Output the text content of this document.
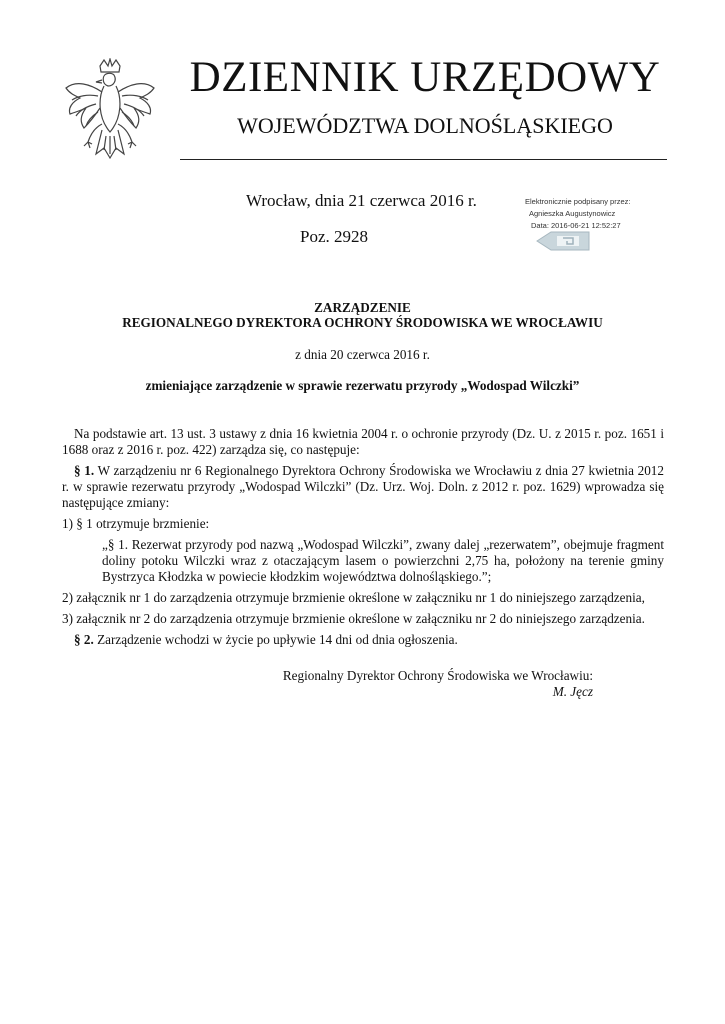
DZIENNIK URZĘDOWY
WOJEWÓDZTWA DOLNOŚLĄSKIEGO
Wrocław, dnia 21 czerwca 2016 r.
Poz. 2928
Elektronicznie podpisany przez:
Agnieszka Augustynowicz
Data: 2016-06-21 12:52:27
ZARZĄDZENIE
REGIONALNEGO DYREKTORA OCHRONY ŚRODOWISKA WE WROCŁAWIU
z dnia 20 czerwca 2016 r.
zmieniające zarządzenie w sprawie rezerwatu przyrody „Wodospad Wilczki”

Na podstawie art. 13 ust. 3 ustawy z dnia 16 kwietnia 2004 r. o ochronie przyrody (Dz. U. z 2015 r. poz. 1651 i 1688 oraz z 2016 r. poz. 422) zarządza się, co następuje:

§ 1. W zarządzeniu nr 6 Regionalnego Dyrektora Ochrony Środowiska we Wrocławiu z dnia 27 kwietnia 2012 r. w sprawie rezerwatu przyrody „Wodospad Wilczki” (Dz. Urz. Woj. Doln. z 2012 r. poz. 1629) wprowadza się następujące zmiany:

1) § 1 otrzymuje brzmienie:

„§ 1. Rezerwat przyrody pod nazwą „Wodospad Wilczki”, zwany dalej „rezerwatem”, obejmuje fragment doliny potoku Wilczki wraz z otaczającym lasem o powierzchni 2,75 ha, położony na terenie gminy Bystrzyca Kłodzka w powiecie kłodzkim województwa dolnośląskiego.”;

2) załącznik nr 1 do zarządzenia otrzymuje brzmienie określone w załączniku nr 1 do niniejszego zarządzenia,

3) załącznik nr 2 do zarządzenia otrzymuje brzmienie określone w załączniku nr 2 do niniejszego zarządzenia.

§ 2. Zarządzenie wchodzi w życie po upływie 14 dni od dnia ogłoszenia.

Regionalny Dyrektor Ochrony Środowiska we Wrocławiu:
M. Jęcz
